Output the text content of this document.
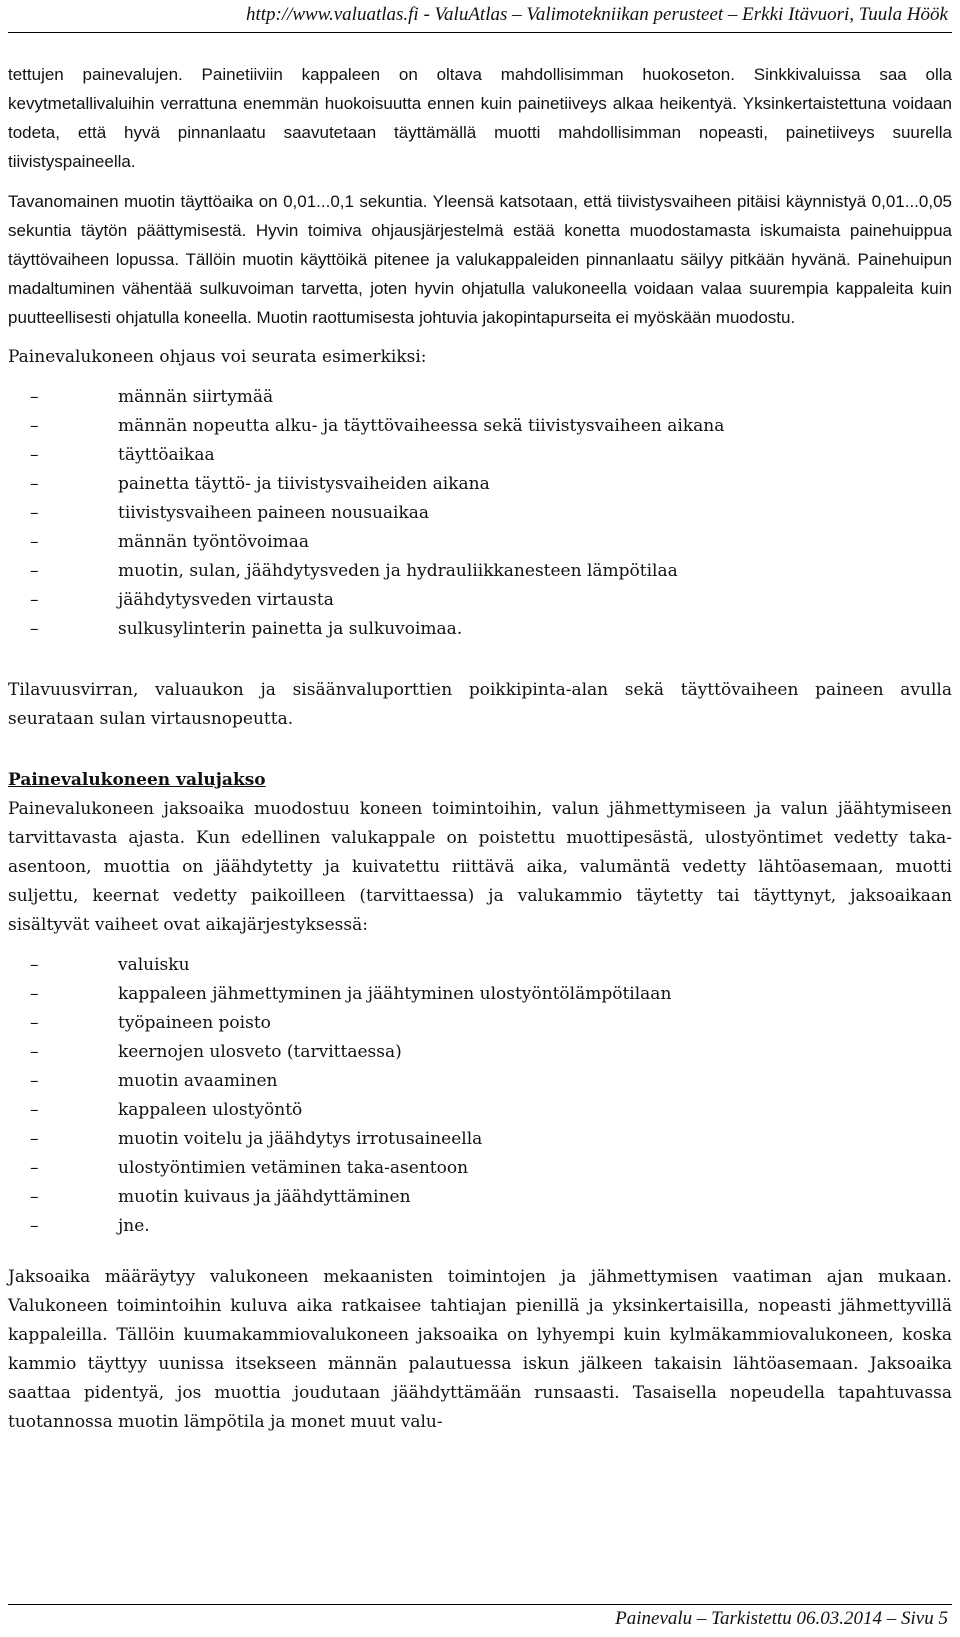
http://www.valuatlas.fi - ValuAtlas – Valimotekniikan perusteet – Erkki Itävuori, Tuula Höök

tettujen painevalujen. Painetiiviin kappaleen on oltava mahdollisimman huokoseton. Sinkkivaluissa saa olla kevytmetallivaluihin verrattuna enemmän huokoisuutta ennen kuin painetiiveys alkaa heikentyä. Yksinkertaistettuna voidaan todeta, että hyvä pinnanlaatu saavutetaan täyttämällä muotti mahdollisimman nopeasti, painetiiveys suurella tiivistyspaineella.

Tavanomainen muotin täyttöaika on 0,01...0,1 sekuntia. Yleensä katsotaan, että tiivistysvaiheen pitäisi käynnistyä 0,01...0,05 sekuntia täytön päättymisestä. Hyvin toimiva ohjausjärjestelmä estää konetta muodostamasta iskumaista painehuippua täyttövaiheen lopussa. Tällöin muotin käyttöikä pitenee ja valukappaleiden pinnanlaatu säilyy pitkään hyvänä. Painehuipun madaltuminen vähentää sulkuvoiman tarvetta, joten hyvin ohjatulla valukoneella voidaan valaa suurempia kappaleita kuin puutteellisesti ohjatulla koneella. Muotin raottumisesta johtuvia jakopintapurseita ei myöskään muodostu.

Painevalukoneen ohjaus voi seurata esimerkiksi:

–	männän siirtymää
–	männän nopeutta alku- ja täyttövaiheessa sekä tiivistysvaiheen aikana
–	täyttöaikaa
–	painetta täyttö- ja tiivistysvaiheiden aikana
–	tiivistysvaiheen paineen nousuaikaa
–	männän työntövoimaa
–	muotin, sulan, jäähdytysveden ja hydrauliikkanesteen lämpötilaa
–	jäähdytysveden virtausta
–	sulkusylinterin painetta ja sulkuvoimaa.

Tilavuusvirran, valuaukon ja sisäänvaluporttien poikkipinta-alan sekä täyttövaiheen paineen avulla seurataan sulan virtausnopeutta.

Painevalukoneen valujakso

Painevalukoneen jaksoaika muodostuu koneen toimintoihin, valun jähmettymiseen ja valun jäähtymiseen tarvittavasta ajasta. Kun edellinen valukappale on poistettu muottipesästä, ulostyöntimet vedetty taka-asentoon, muottia on jäähdytetty ja kuivatettu riittävä aika, valumäntä vedetty lähtöasemaan, muotti suljettu, keernat vedetty paikoilleen (tarvittaessa) ja valukammio täytetty tai täyttynyt, jaksoaikaan sisältyvät vaiheet ovat aikajärjestyksessä:

–	valuisku
–	kappaleen jähmettyminen ja jäähtyminen ulostyöntölämpötilaan
–	työpaineen poisto
–	keernojen ulosveto (tarvittaessa)
–	muotin avaaminen
–	kappaleen ulostyöntö
–	muotin voitelu ja jäähdytys irrotusaineella
–	ulostyöntimien vetäminen taka-asentoon
–	muotin kuivaus ja jäähdyttäminen
–	jne.

Jaksoaika määräytyy valukoneen mekaanisten toimintojen ja jähmettymisen vaatiman ajan mukaan. Valukoneen toimintoihin kuluva aika ratkaisee tahtiajan pienillä ja yksinkertaisilla, nopeasti jähmettyvillä kappaleilla. Tällöin kuumakammiovalukoneen jaksoaika on lyhyempi kuin kylmäkammiovalukoneen, koska kammio täyttyy uunissa itsekseen männän palautuessa iskun jälkeen takaisin lähtöasemaan. Jaksoaika saattaa pidentyä, jos muottia joudutaan jäähdyttämään runsaasti. Tasaisella nopeudella tapahtuvassa tuotannossa muotin lämpötila ja monet muut valu-

Painevalu – Tarkistettu 06.03.2014 – Sivu 5
